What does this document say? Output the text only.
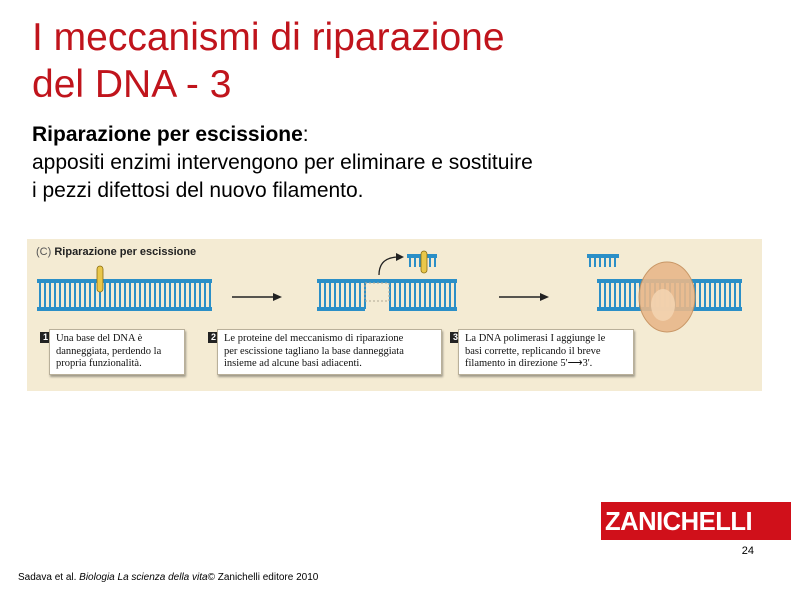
I meccanismi di riparazione
del DNA - 3
Riparazione per escissione:
appositi enzimi intervengono per eliminare e sostituire
i pezzi difettosi del nuovo filamento.
(C) Riparazione per escissione
1 Una base del DNA è
danneggiata, perdendo la
propria funzionalità.
2 Le proteine del meccanismo di riparazione
per escissione tagliano la base danneggiata
insieme ad alcune basi adiacenti.
3 La DNA polimerasi I aggiunge le
basi corrette, replicando il breve
filamento in direzione 5'⟶3'.
ZANICHELLI
24
Sadava et al. Biologia La scienza della vita© Zanichelli editore 2010
